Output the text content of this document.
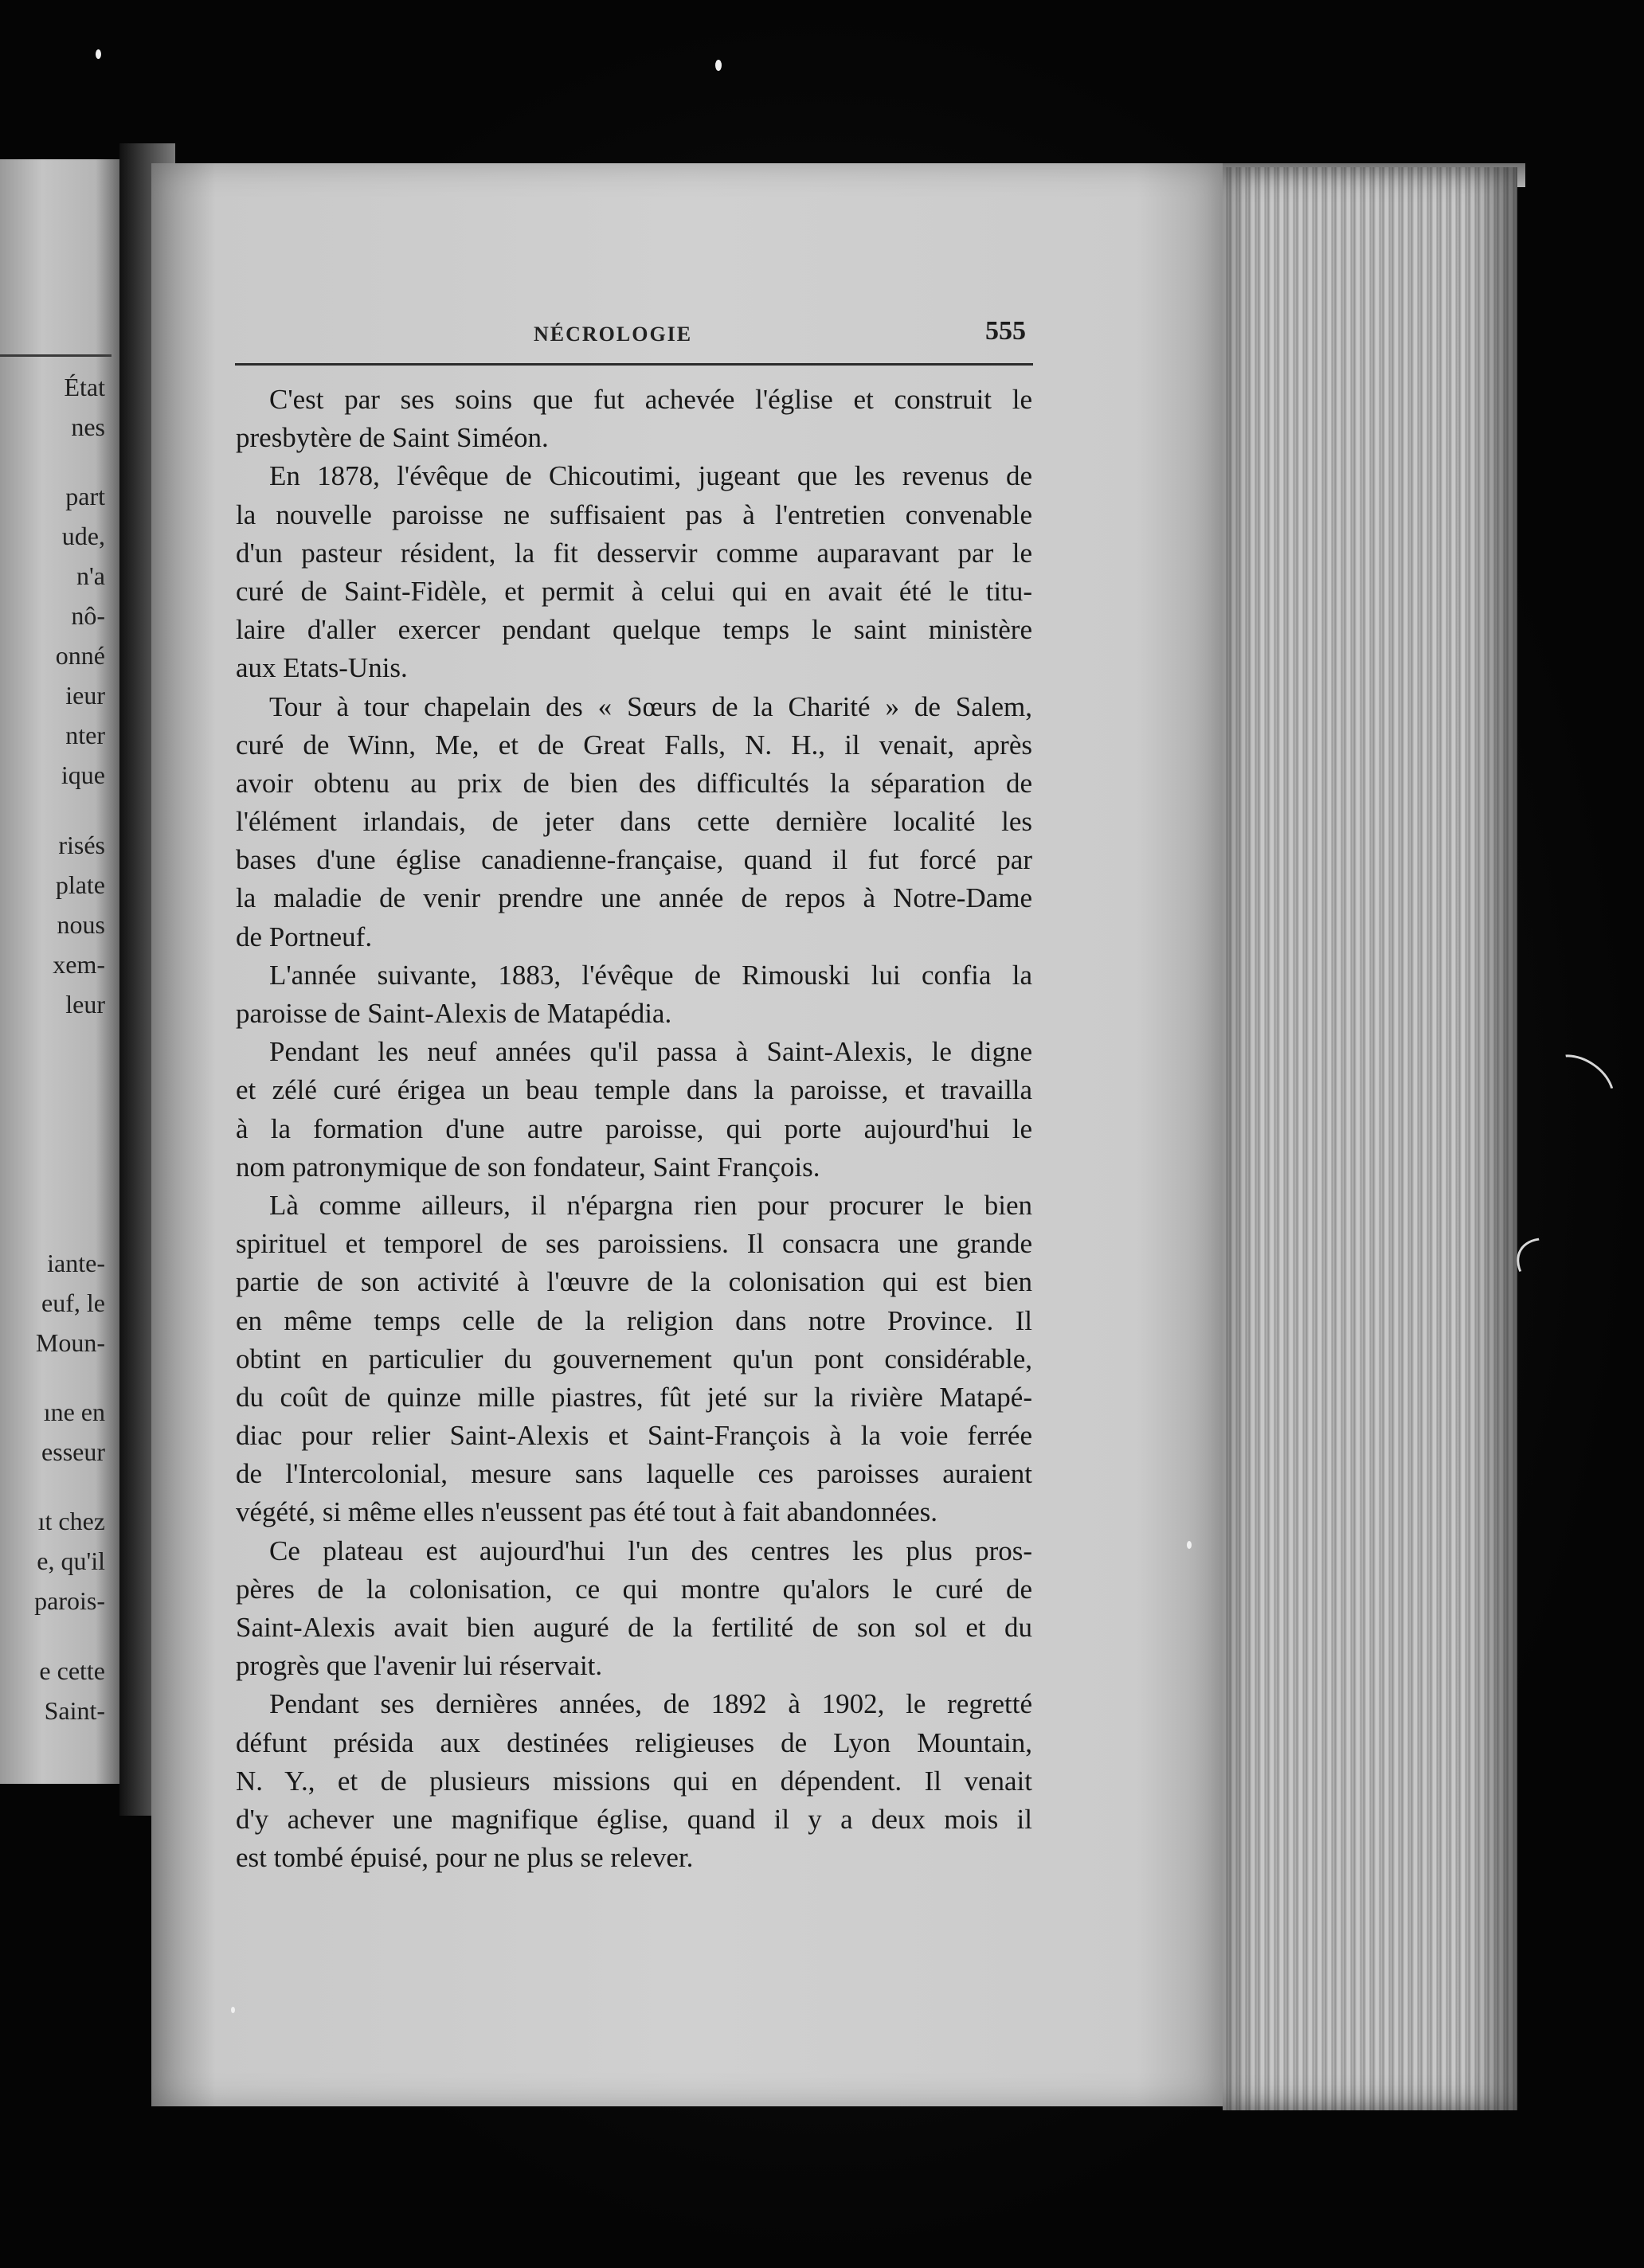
État
nes
part
ude,
n'a
nô-
onné
ieur
nter
ique
risés
plate
nous
xem-
leur
iante-
euf, le
Moun-
ıne en
esseur
ıt chez
e, qu'il
parois-
e cette
Saint-
NÉCROLOGIE	555
C'est par ses soins que fut achevée l'église et construit le
presbytère de Saint Siméon.
En 1878, l'évêque de Chicoutimi, jugeant que les revenus de
la nouvelle paroisse ne suffisaient pas à l'entretien convenable
d'un pasteur résident, la fit desservir comme auparavant par le
curé de Saint-Fidèle, et permit à celui qui en avait été le titu-
laire d'aller exercer pendant quelque temps le saint ministère
aux Etats-Unis.
Tour à tour chapelain des « Sœurs de la Charité » de Salem,
curé de Winn, Me, et de Great Falls, N. H., il venait, après
avoir obtenu au prix de bien des difficultés la séparation de
l'élément irlandais, de jeter dans cette dernière localité les
bases d'une église canadienne-française, quand il fut forcé par
la maladie de venir prendre une année de repos à Notre-Dame
de Portneuf.
L'année suivante, 1883, l'évêque de Rimouski lui confia la
paroisse de Saint-Alexis de Matapédia.
Pendant les neuf années qu'il passa à Saint-Alexis, le digne
et zélé curé érigea un beau temple dans la paroisse, et travailla
à la formation d'une autre paroisse, qui porte aujourd'hui le
nom patronymique de son fondateur, Saint François.
Là comme ailleurs, il n'épargna rien pour procurer le bien
spirituel et temporel de ses paroissiens. Il consacra une grande
partie de son activité à l'œuvre de la colonisation qui est bien
en même temps celle de la religion dans notre Province. Il
obtint en particulier du gouvernement qu'un pont considérable,
du coût de quinze mille piastres, fût jeté sur la rivière Matapé-
diac pour relier Saint-Alexis et Saint-François à la voie ferrée
de l'Intercolonial, mesure sans laquelle ces paroisses auraient
végété, si même elles n'eussent pas été tout à fait abandonnées.
Ce plateau est aujourd'hui l'un des centres les plus pros-
pères de la colonisation, ce qui montre qu'alors le curé de
Saint-Alexis avait bien auguré de la fertilité de son sol et du
progrès que l'avenir lui réservait.
Pendant ses dernières années, de 1892 à 1902, le regretté
défunt présida aux destinées religieuses de Lyon Mountain,
N. Y., et de plusieurs missions qui en dépendent. Il venait
d'y achever une magnifique église, quand il y a deux mois il
est tombé épuisé, pour ne plus se relever.
